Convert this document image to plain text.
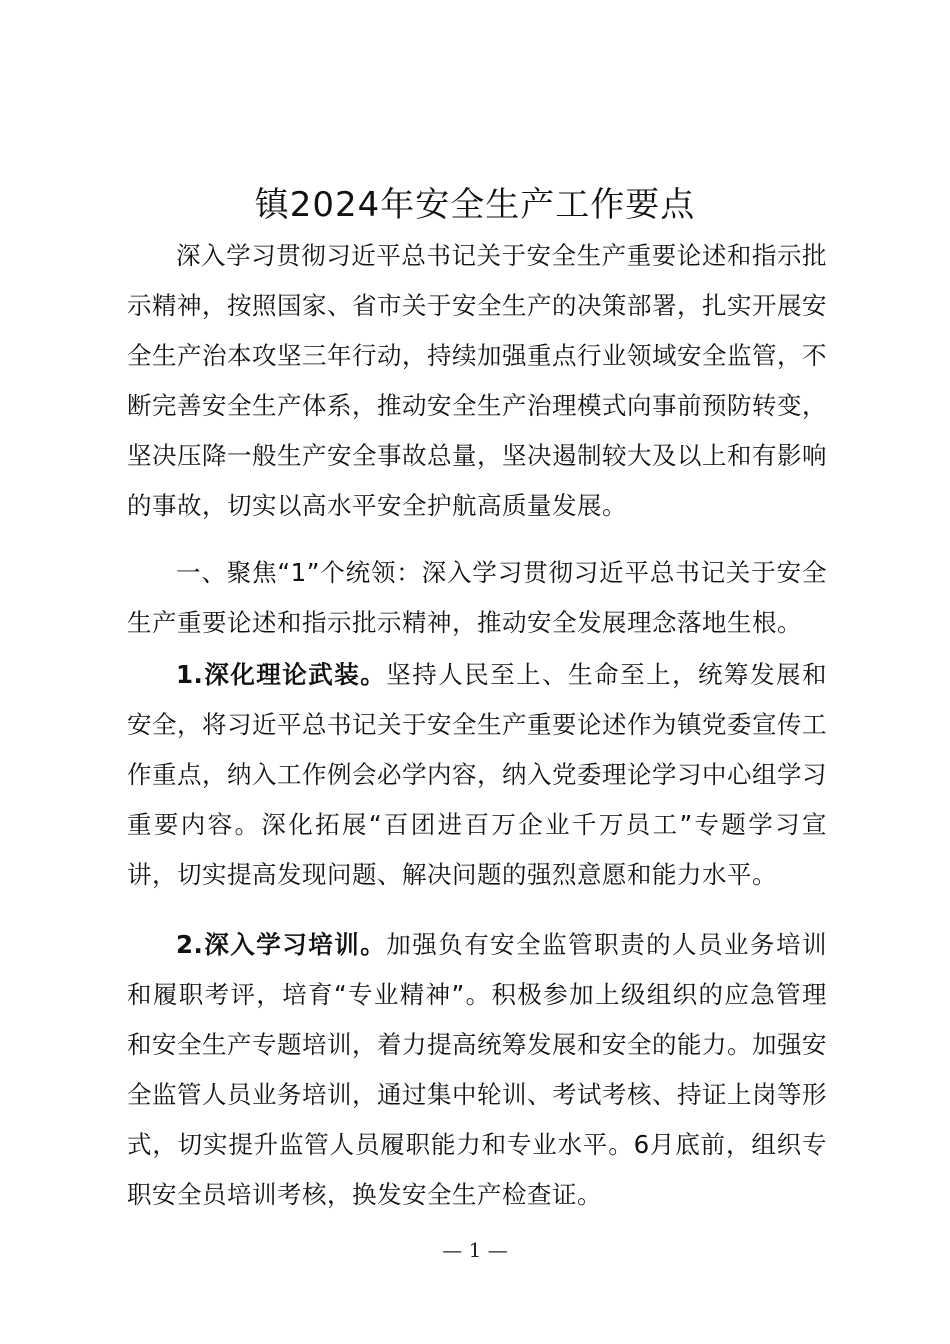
镇2024年安全生产工作要点

深入学习贯彻习近平总书记关于安全生产重要论述和指示批示精神，按照国家、省市关于安全生产的决策部署，扎实开展安全生产治本攻坚三年行动，持续加强重点行业领域安全监管，不断完善安全生产体系，推动安全生产治理模式向事前预防转变，坚决压降一般生产安全事故总量，坚决遏制较大及以上和有影响的事故，切实以高水平安全护航高质量发展。

一、聚焦“1”个统领：深入学习贯彻习近平总书记关于安全生产重要论述和指示批示精神，推动安全发展理念落地生根。

1.深化理论武装。坚持人民至上、生命至上，统筹发展和安全，将习近平总书记关于安全生产重要论述作为镇党委宣传工作重点，纳入工作例会必学内容，纳入党委理论学习中心组学习重要内容。深化拓展“百团进百万企业千万员工”专题学习宣讲，切实提高发现问题、解决问题的强烈意愿和能力水平。

2.深入学习培训。加强负有安全监管职责的人员业务培训和履职考评，培育“专业精神”。积极参加上级组织的应急管理和安全生产专题培训，着力提高统筹发展和安全的能力。加强安全监管人员业务培训，通过集中轮训、考试考核、持证上岗等形式，切实提升监管人员履职能力和专业水平。6月底前，组织专职安全员培训考核，换发安全生产检查证。

— 1 —
